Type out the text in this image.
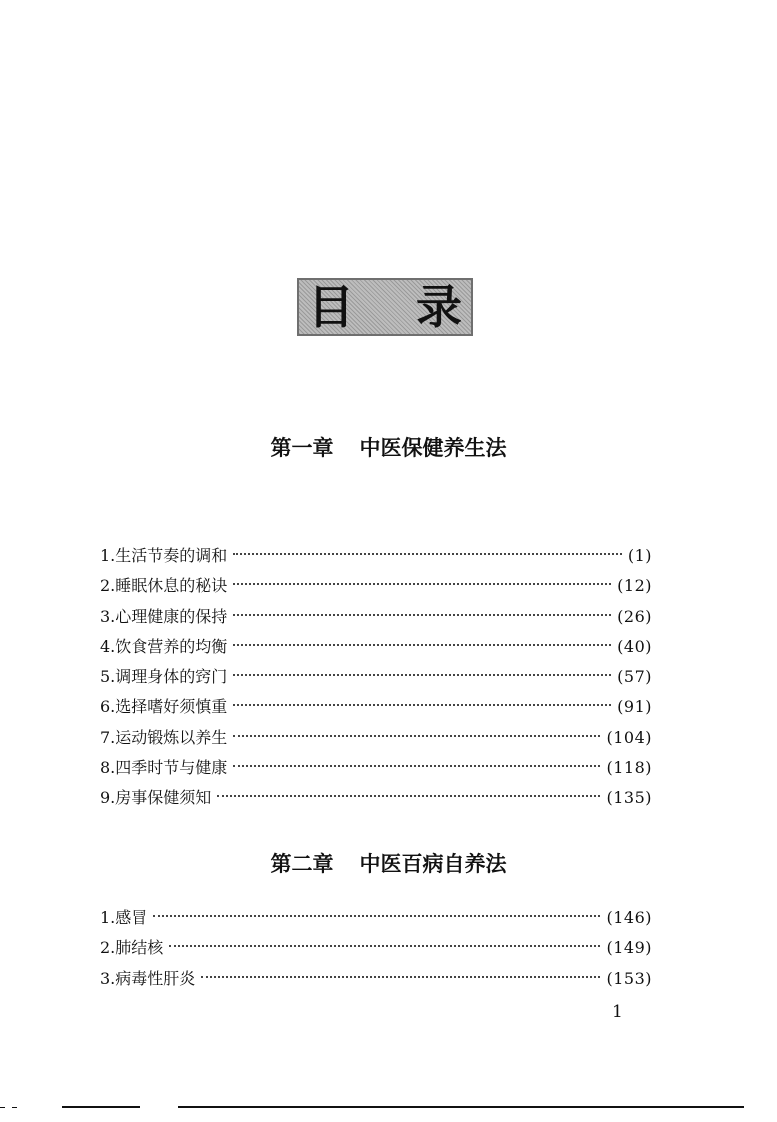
目录
第一章 中医保健养生法
1.生活节奏的调和	(1)
2.睡眠休息的秘诀	(12)
3.心理健康的保持	(26)
4.饮食营养的均衡	(40)
5.调理身体的窍门	(57)
6.选择嗜好须慎重	(91)
7.运动锻炼以养生	(104)
8.四季时节与健康	(118)
9.房事保健须知	(135)
第二章 中医百病自养法
1.感冒	(146)
2.肺结核	(149)
3.病毒性肝炎	(153)
1
